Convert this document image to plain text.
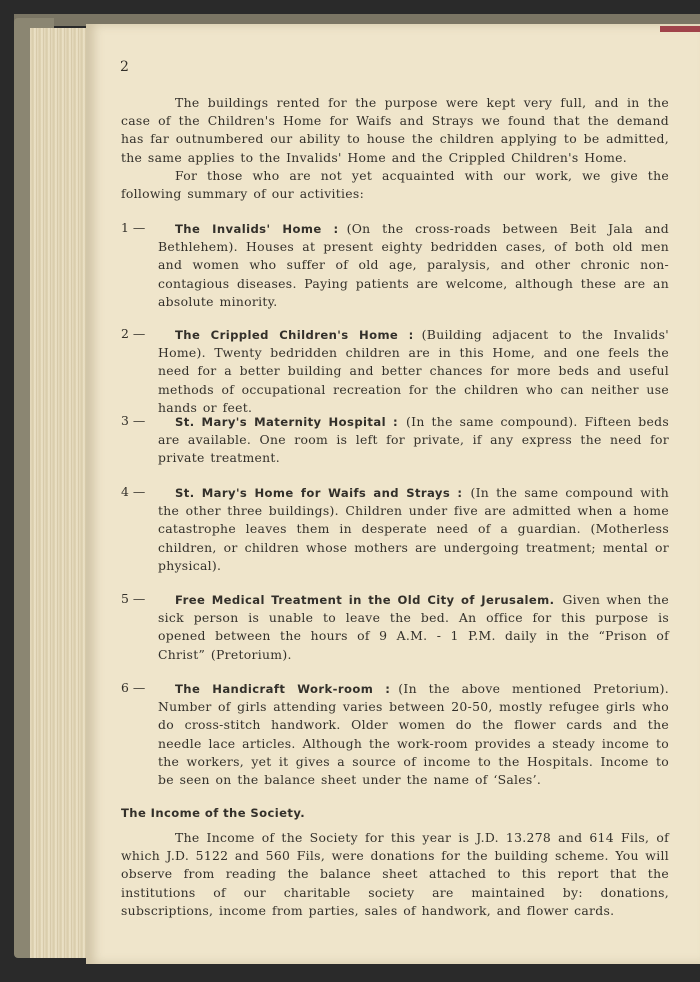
2
The buildings rented for the purpose were kept very full, and in the case of the Children's Home for Waifs and Strays we found that the demand has far outnumbered our ability to house the children applying to be admitted, the same applies to the Invalids' Home and the Crippled Children's Home.
For those who are not yet acquainted with our work, we give the following summary of our activities:
1 —	The Invalids' Home : (On the cross-roads between Beit Jala and Bethlehem). Houses at present eighty bedridden cases, of both old men and women who suffer of old age, paralysis, and other chronic non-contagious diseases. Paying patients are welcome, although these are an absolute minority.
2 —	The Crippled Children's Home : (Building adjacent to the Invalids' Home). Twenty bedridden children are in this Home, and one feels the need for a better building and better chances for more beds and useful methods of occupational recreation for the children who can neither use hands or feet.
3 —	St. Mary's Maternity Hospital : (In the same compound). Fifteen beds are available. One room is left for private, if any express the need for private treatment.
4 —	St. Mary's Home for Waifs and Strays : (In the same compound with the other three buildings). Children under five are admitted when a home catastrophe leaves them in desperate need of a guardian. (Motherless children, or children whose mothers are undergoing treatment; mental or physical).
5 —	Free Medical Treatment in the Old City of Jerusalem. Given when the sick person is unable to leave the bed. An office for this purpose is opened between the hours of 9 A.M. - 1 P.M. daily in the “Prison of Christ” (Pretorium).
6 —	The Handicraft Work-room : (In the above mentioned Pretorium). Number of girls attending varies between 20-50, mostly refugee girls who do cross-stitch handwork. Older women do the flower cards and the needle lace articles. Although the work-room provides a steady income to the workers, yet it gives a source of income to the Hospitals. Income to be seen on the balance sheet under the name of ‘Sales’.
The Income of the Society.
The Income of the Society for this year is J.D. 13.278 and 614 Fils, of which J.D. 5122 and 560 Fils, were donations for the building scheme. You will observe from reading the balance sheet attached to this report that the institutions of our charitable society are maintained by: donations, subscriptions, income from parties, sales of handwork, and flower cards.
